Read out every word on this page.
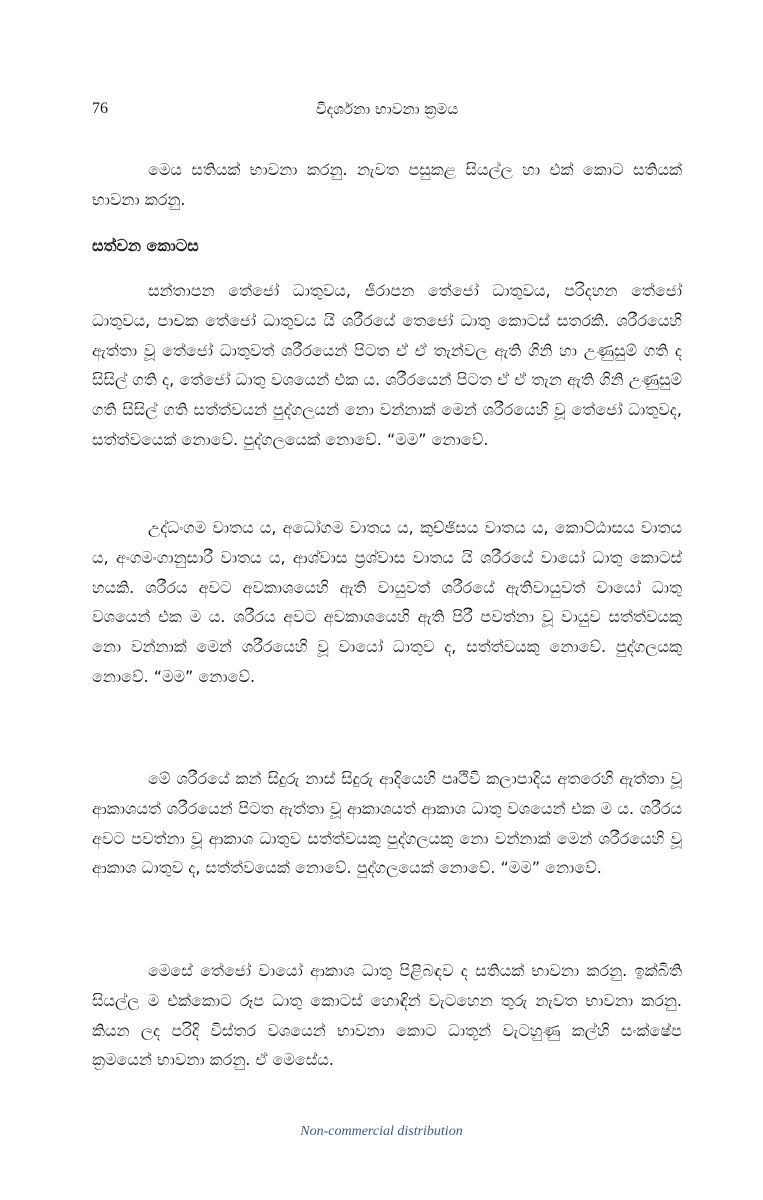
76	විදර්ශනා භාවනා ක්‍රමය

මෙය සතියක් භාවනා කරනු. නැවත පසුකළ සියල්ල හා එක් කොට සතියක් භාවනා කරනු.

සත්වන කොටස

සන්තාපන තේජෝ ධාතුවය, ජීරාපන තේජෝ ධාතුවය, පරිදහන තේජෝ ධාතුවය, පාචක තේජෝ ධාතුවය යි ශරීරයේ තෙජෝ ධාතු කොටස් සතරකි. ශරීරයෙහි ඇත්තා වූ තේජෝ ධාතුවත් ශරීරයෙන් පිටත ඒ ඒ තැන්වල ඇති ගිනි හා උණුසුම් ගති ද සිසිල් ගති ද, තේජෝ ධාතු වශයෙන් එක ය. ශරීරයෙන් පිටත ඒ ඒ තැන ඇති ගිනි උණුසුම් ගති සිසිල් ගති සත්ත්වයන් පුද්ගලයන් නො වන්නාක් මෙන් ශරීරයෙහි වූ තේජෝ ධාතුවද, සත්ත්වයෙක් නොවේ. පුද්ගලයෙක් නොවේ. “මම” නොවේ.

උද්ධංගම වාතය ය, අධෝගම වාතය ය, කුච්ඡිසය වාතය ය, කොට්ඨාසය වාතය ය, අංගමංගානුසාරී වාතය ය, ආශ්වාස ප්‍රශ්වාස වාතය යි ශරීරයේ වායෝ ධාතු කොටස් හයකි. ශරීරය අවට අවකාශයෙහි ඇති වායුවත් ශරීරයේ ඇතිවායුවත් වායෝ ධාතු වශයෙන් එක ම ය. ශරීරය අවට අවකාශයෙහි ඇති පිරී පවත්නා වූ වායුව සත්ත්වයකු නො වන්නාක් මෙන් ශරීරයෙහි වූ වායෝ ධාතුව ද, සත්ත්වයකු නොවේ. පුද්ගලයකු නොවේ. “මම” නොවේ.

මේ ශරීරයේ කන් සිදුරු නාස් සිදුරු ආදියෙහි පෘථිවි කලාපාදිය අතරෙහි ඇත්තා වූ ආකාශයත් ශරීරයෙන් පිටත ඇත්තා වූ ආකාශයත් ආකාශ ධාතු වශයෙන් එක ම ය. ශරීරය අවට පවත්නා වූ ආකාශ ධාතුව සත්ත්වයකු පුද්ගලයකු නො වන්නාක් මෙන් ශරීරයෙහි වූ ආකාශ ධාතුව ද, සත්ත්වයෙක් නොවේ. පුද්ගලයෙක් නොවේ. “මම” නොවේ.

මෙසේ තේජෝ වායෝ ආකාශ ධාතු පිළිබඳව ද සතියක් භාවනා කරනු. ඉක්බිති සියල්ල ම එක්කොට රූප ධාතු කොටස් හොඳින් වැටහෙන තුරු නැවත භාවනා කරනු. කියන ලද පරිදි විස්තර වශයෙන් භාවනා කොට ධාතූන් වැටහුණු කල්හි සංක්ෂේප ක්‍රමයෙන් භාවනා කරනු. ඒ මෙසේය.

Non-commercial distribution
